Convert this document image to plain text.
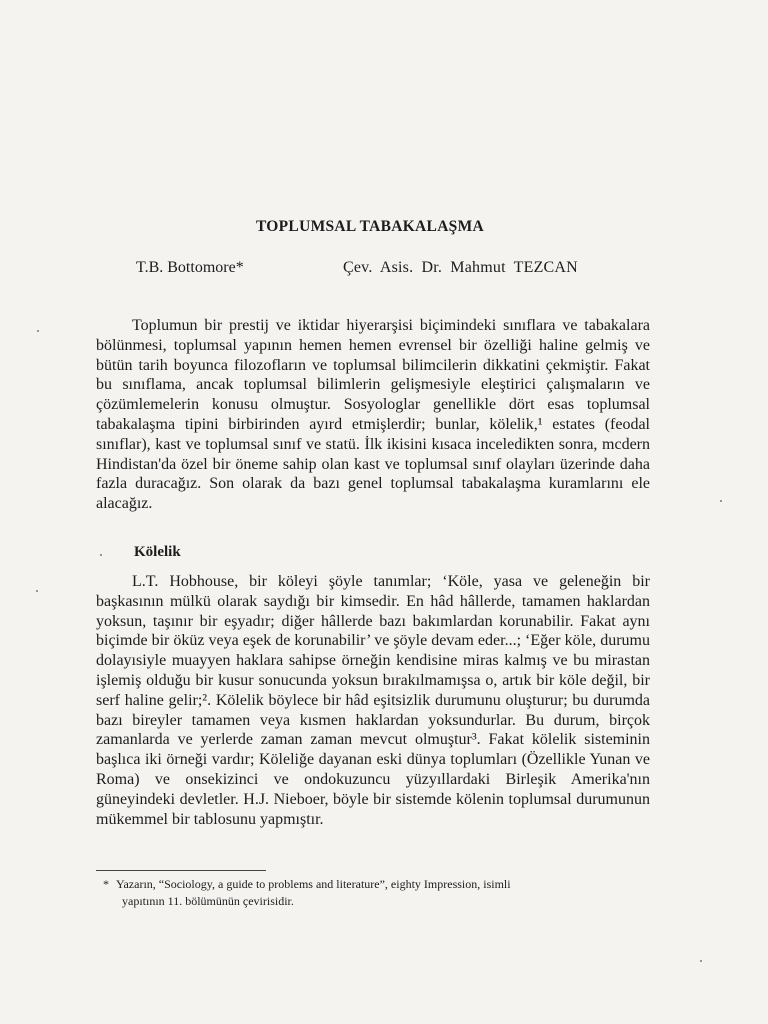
TOPLUMSAL TABAKALAŞMA
T.B. Bottomore*	Çev. Asis. Dr. Mahmut TEZCAN

Toplumun bir prestij ve iktidar hiyerarşisi biçimindeki sınıflara ve tabakalara bölünmesi, toplumsal yapının hemen hemen evrensel bir özelliği haline gelmiş ve bütün tarih boyunca filozofların ve toplumsal bilimcilerin dikkatini çekmiştir. Fakat bu sınıflama, ancak toplumsal bilimlerin gelişmesiyle eleştirici çalışmaların ve çözümlemelerin konusu olmuştur. Sosyologlar genellikle dört esas toplumsal tabakalaşma tipini birbirinden ayırd etmişlerdir; bunlar, kölelik,¹ estates (feodal sınıflar), kast ve toplumsal sınıf ve statü. İlk ikisini kısaca inceledikten sonra, mcdern Hindistan'da özel bir öneme sahip olan kast ve toplumsal sınıf olayları üzerinde daha fazla duracağız. Son olarak da bazı genel toplumsal tabakalaşma kuramlarını ele alacağız.

Kölelik

L.T. Hobhouse, bir köleyi şöyle tanımlar; ‘Köle, yasa ve geleneğin bir başkasının mülkü olarak saydığı bir kimsedir. En hâd hâllerde, tamamen haklardan yoksun, taşınır bir eşyadır; diğer hâllerde bazı bakımlardan korunabilir. Fakat aynı biçimde bir öküz veya eşek de korunabilir’ ve şöyle devam eder...; ‘Eğer köle, durumu dolayısiyle muayyen haklara sahipse örneğin kendisine miras kalmış ve bu mirastan işlemiş olduğu bir kusur sonucunda yoksun bırakılmamışsa o, artık bir köle değil, bir serf haline gelir;². Kölelik böylece bir hâd eşitsizlik durumunu oluşturur; bu durumda bazı bireyler tamamen veya kısmen haklardan yoksundurlar. Bu durum, birçok zamanlarda ve yerlerde zaman zaman mevcut olmuştur³. Fakat kölelik sisteminin başlıca iki örneği vardır; Köleliğe dayanan eski dünya toplumları (Özellikle Yunan ve Roma) ve onsekizinci ve ondokuzuncu yüzyıllardaki Birleşik Amerika'nın güneyindeki devletler. H.J. Nieboer, böyle bir sistemde kölenin toplumsal durumunun mükemmel bir tablosunu yapmıştır.

* Yazarın, “Sociology, a guide to problems and literature”, eighty Impression, isimli
yapıtının 11. bölümünün çevirisidir.
